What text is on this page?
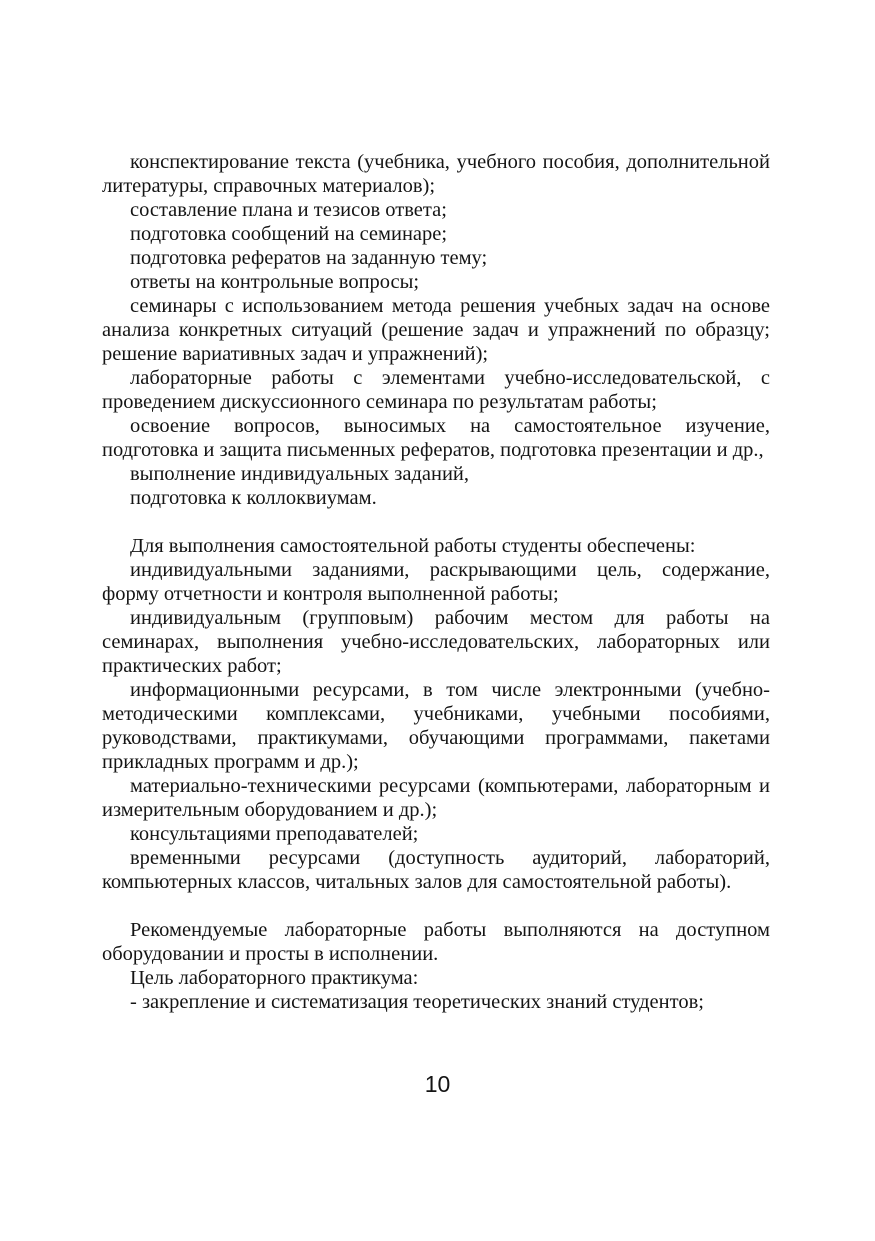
конспектирование текста (учебника, учебного пособия, дополнительной литературы, справочных материалов);

составление плана и тезисов ответа;

подготовка сообщений на семинаре;

подготовка рефератов на заданную тему;

ответы на контрольные вопросы;

семинары с использованием метода решения учебных задач на основе анализа конкретных ситуаций (решение задач и упражнений по образцу; решение вариативных задач и упражнений);

лабораторные работы с элементами учебно-исследовательской, с проведением дискуссионного семинара по результатам работы;

освоение вопросов, выносимых на самостоятельное изучение, подготовка и защита письменных рефератов, подготовка презентации и др.,

выполнение индивидуальных заданий,

подготовка к коллоквиумам.

Для выполнения самостоятельной работы студенты обеспечены:

индивидуальными заданиями, раскрывающими цель, содержание, форму отчетности и контроля выполненной работы;

индивидуальным (групповым) рабочим местом для работы на семинарах, выполнения учебно-исследовательских, лабораторных или практических работ;

информационными ресурсами, в том числе электронными (учебно-методическими комплексами, учебниками, учебными пособиями, руководствами, практикумами, обучающими программами, пакетами прикладных программ и др.);

материально-техническими ресурсами (компьютерами, лабораторным и измерительным оборудованием и др.);

консультациями преподавателей;

временными ресурсами (доступность аудиторий, лабораторий, компьютерных классов, читальных залов для самостоятельной работы).

Рекомендуемые лабораторные работы выполняются на доступном оборудовании и просты в исполнении.

Цель лабораторного практикума:

- закрепление и систематизация теоретических знаний студентов;

10
